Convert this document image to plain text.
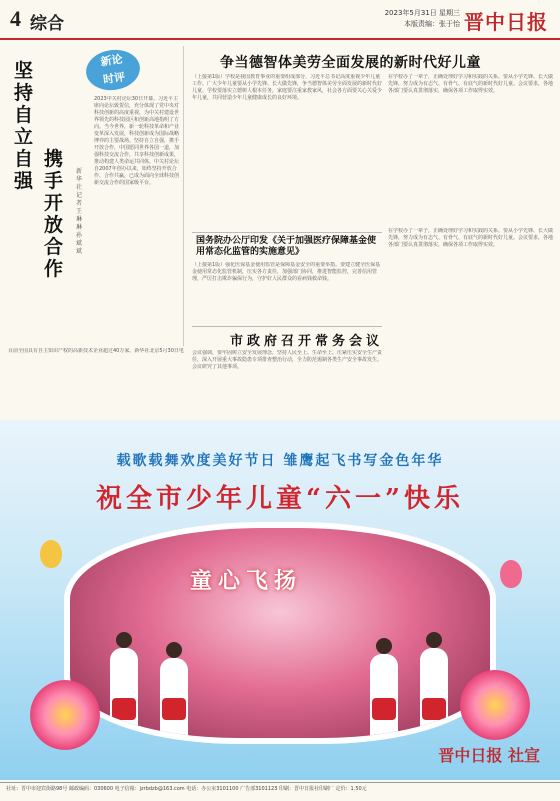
4 综合
2023年5月31日 星期三
本版责编：张于怡 晋中日报
新论
时评
坚持自立自强
携手开放合作
新华社记者 王琳琳 孙 斌斌
2023中关村论坛30日开幕。习近平主席向论坛致贺信，充分体现了党中央对科技创新的高度重视，为中关村建设世界领先的科技园区和创新高地指明了方向。当今世界，新一轮科技革命和产业变革深入发展，科技创新成为国际战略博弈的主要战场。坚持自立自强，携手开放合作，中国愿同世界各国一道，加强科技交流合作，共享科技创新成果，推动构建人类命运共同体。中关村论坛自2007年创办以来，始终坚持开放合作、合作共赢，已成为面向全球科技创新交流合作的国家级平台。
目前全国具有自主知识产权的高新技术企业超过40万家。新华社北京5月30日电
争当德智体美劳全面发展的新时代好儿童
（上接第1版）学校是我国教育事业的重要组成部分，习近平总书记高度重视少年儿童工作。广大少年儿童要从小学先锋、长大做先锋，争当德智体美劳全面发展的新时代好儿童。学校要落实立德树人根本任务，家庭要注重家教家风，社会各方面要关心关爱少年儿童，共同营造少年儿童健康成长的良好环境。
在学校办了一辈子，正确处理好学习和实践的关系。要从小学先锋、长大做先锋，努力成为有志气、有骨气、有底气的新时代好儿童。会议要求，各地各部门要认真贯彻落实，确保各项工作取得实效。
国务院办公厅印发《关于加强医疗保障基金使用常态化监管的实施意见》
（上接第1版）强化医保基金使用监管是保障基金安全的重要举措。要建立健全医保基金使用常态化监管机制，压实各方责任，加强部门协同，推进智能监控，完善信用管理，严厉打击欺诈骗保行为，守护好人民群众的看病钱救命钱。
在学校办了一辈子，正确处理好学习和实践的关系。要从小学先锋、长大做先锋，努力成为有志气、有骨气、有底气的新时代好儿童。会议要求，各地各部门要认真贯彻落实，确保各项工作取得实效。
市政府召开常务会议
会议强调，要牢固树立安全发展理念，坚持人民至上、生命至上，压紧压实安全生产责任，深入开展重大事故隐患专项排查整治行动，全力防范遏制各类生产安全事故发生。会议研究了其他事项。
载歌载舞欢度美好节日 雏鹰起飞书写金色年华
祝全市少年儿童“六一”快乐
童心飞扬
晋中日报 社宣
社址：晋中市迎宾街路98号 邮政编码：030600 电子信箱：jzrbdzb@163.com 电话：办公室3101100 广告部3101123 印刷：晋中日报社印刷厂 定价：1.50元
